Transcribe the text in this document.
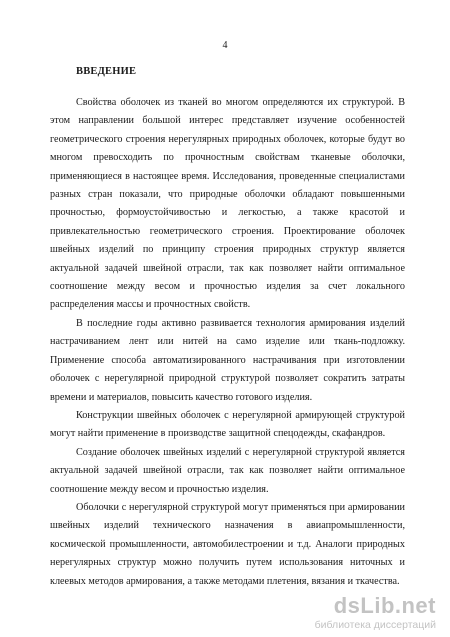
4
ВВЕДЕНИЕ

Свойства оболочек из тканей во многом определяются их структурой. В этом направлении большой интерес представляет изучение особенностей геометрического строения нерегулярных природных оболочек, которые будут во многом превосходить по прочностным свойствам тканевые оболочки, применяющиеся в настоящее время. Исследования, проведенные специалистами разных стран показали, что природные оболочки обладают повышенными прочностью, формоустойчивостью и легкостью, а также красотой и привлекательностью геометрического строения. Проектирование оболочек швейных изделий по принципу строения природных структур является актуальной задачей швейной отрасли, так как позволяет найти оптимальное соотношение между весом и прочностью изделия за счет локального распределения массы и прочностных свойств.

В последние годы активно развивается технология армирования изделий настрачиванием лент или нитей на само изделие или ткань-подложку. Применение способа автоматизированного настрачивания при изготовлении оболочек с нерегулярной природной структурой позволяет сократить затраты времени и материалов, повысить качество готового изделия.

Конструкции швейных оболочек с нерегулярной армирующей структурой могут найти применение в производстве защитной спецодежды, скафандров.

Создание оболочек швейных изделий с нерегулярной структурой является актуальной задачей швейной отрасли, так как позволяет найти оптимальное соотношение между весом и прочностью изделия.

Оболочки с нерегулярной структурой могут применяться при армировании швейных изделий технического назначения в авиапромышленности, космической промышленности, автомобилестроении и т.д. Аналоги природных нерегулярных структур можно получить путем использования ниточных и клеевых методов армирования, а также методами плетения, вязания и ткачества.

dsLib.net
библиотека диссертаций
